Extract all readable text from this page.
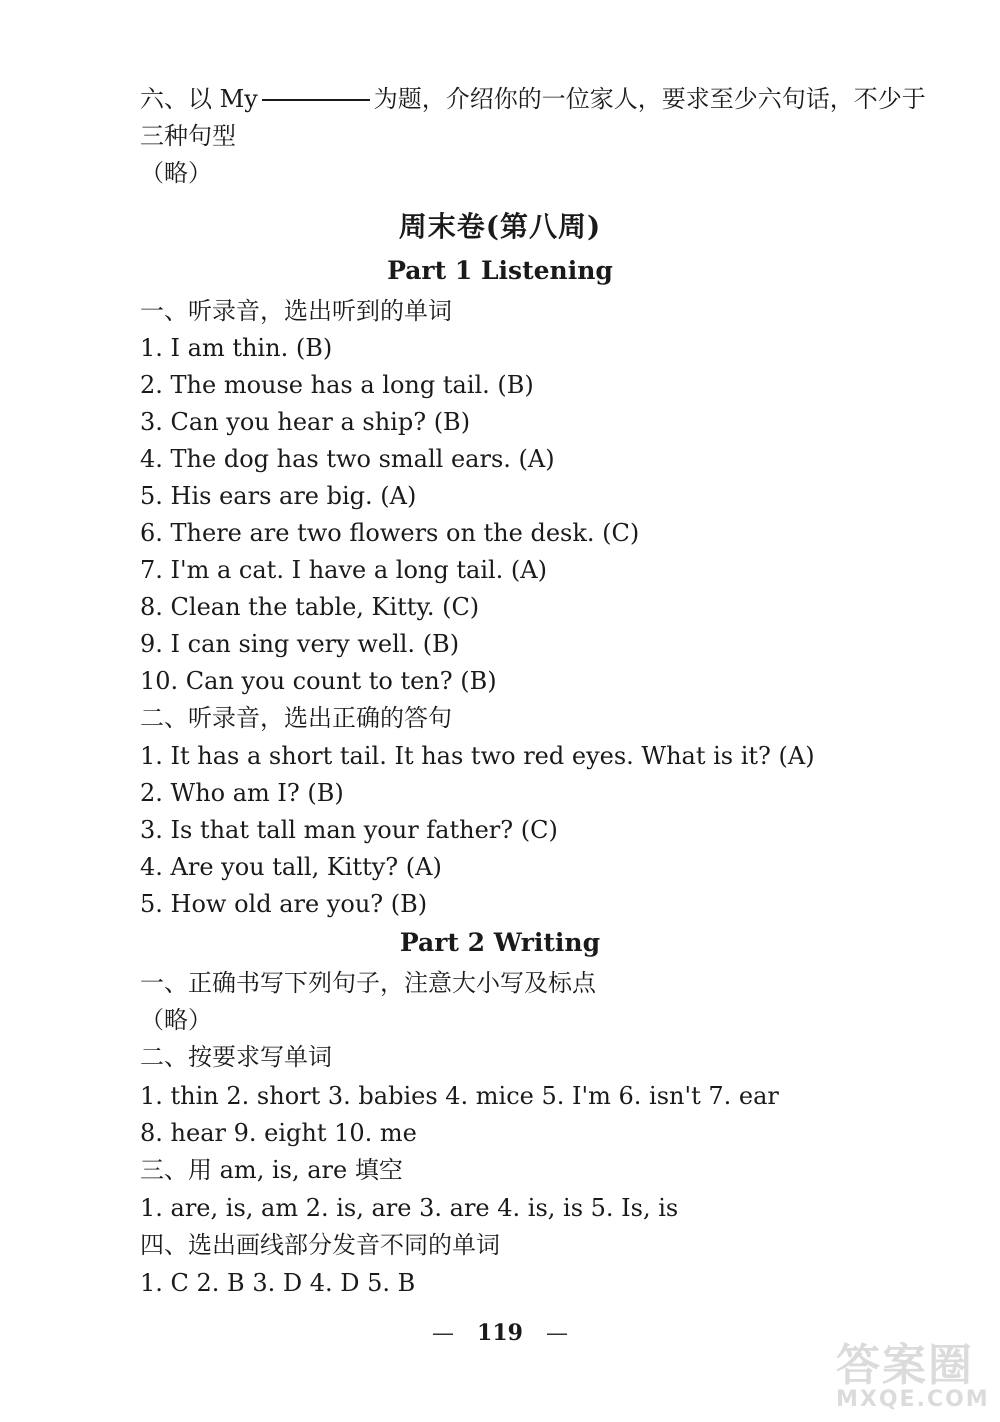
六、以 My	为题，介绍你的一位家人，要求至少六句话，不少于
三种句型
（略）
周末卷(第八周)
Part 1 Listening
一、听录音，选出听到的单词
1. I am thin. (B)
2. The mouse has a long tail. (B)
3. Can you hear a ship? (B)
4. The dog has two small ears. (A)
5. His ears are big. (A)
6. There are two flowers on the desk. (C)
7. I'm a cat. I have a long tail. (A)
8. Clean the table, Kitty. (C)
9. I can sing very well. (B)
10. Can you count to ten? (B)
二、听录音，选出正确的答句
1. It has a short tail. It has two red eyes. What is it? (A)
2. Who am I? (B)
3. Is that tall man your father? (C)
4. Are you tall, Kitty? (A)
5. How old are you? (B)
Part 2 Writing
一、正确书写下列句子，注意大小写及标点
（略）
二、按要求写单词
1. thin 2. short 3. babies 4. mice 5. I'm 6. isn't 7. ear
8. hear 9. eight 10. me
三、用 am, is, are 填空
1. are, is, am 2. is, are 3. are 4. is, is 5. Is, is
四、选出画线部分发音不同的单词
1. C 2. B 3. D 4. D 5. B
— 119 —
答案圈
MXQE.COM
